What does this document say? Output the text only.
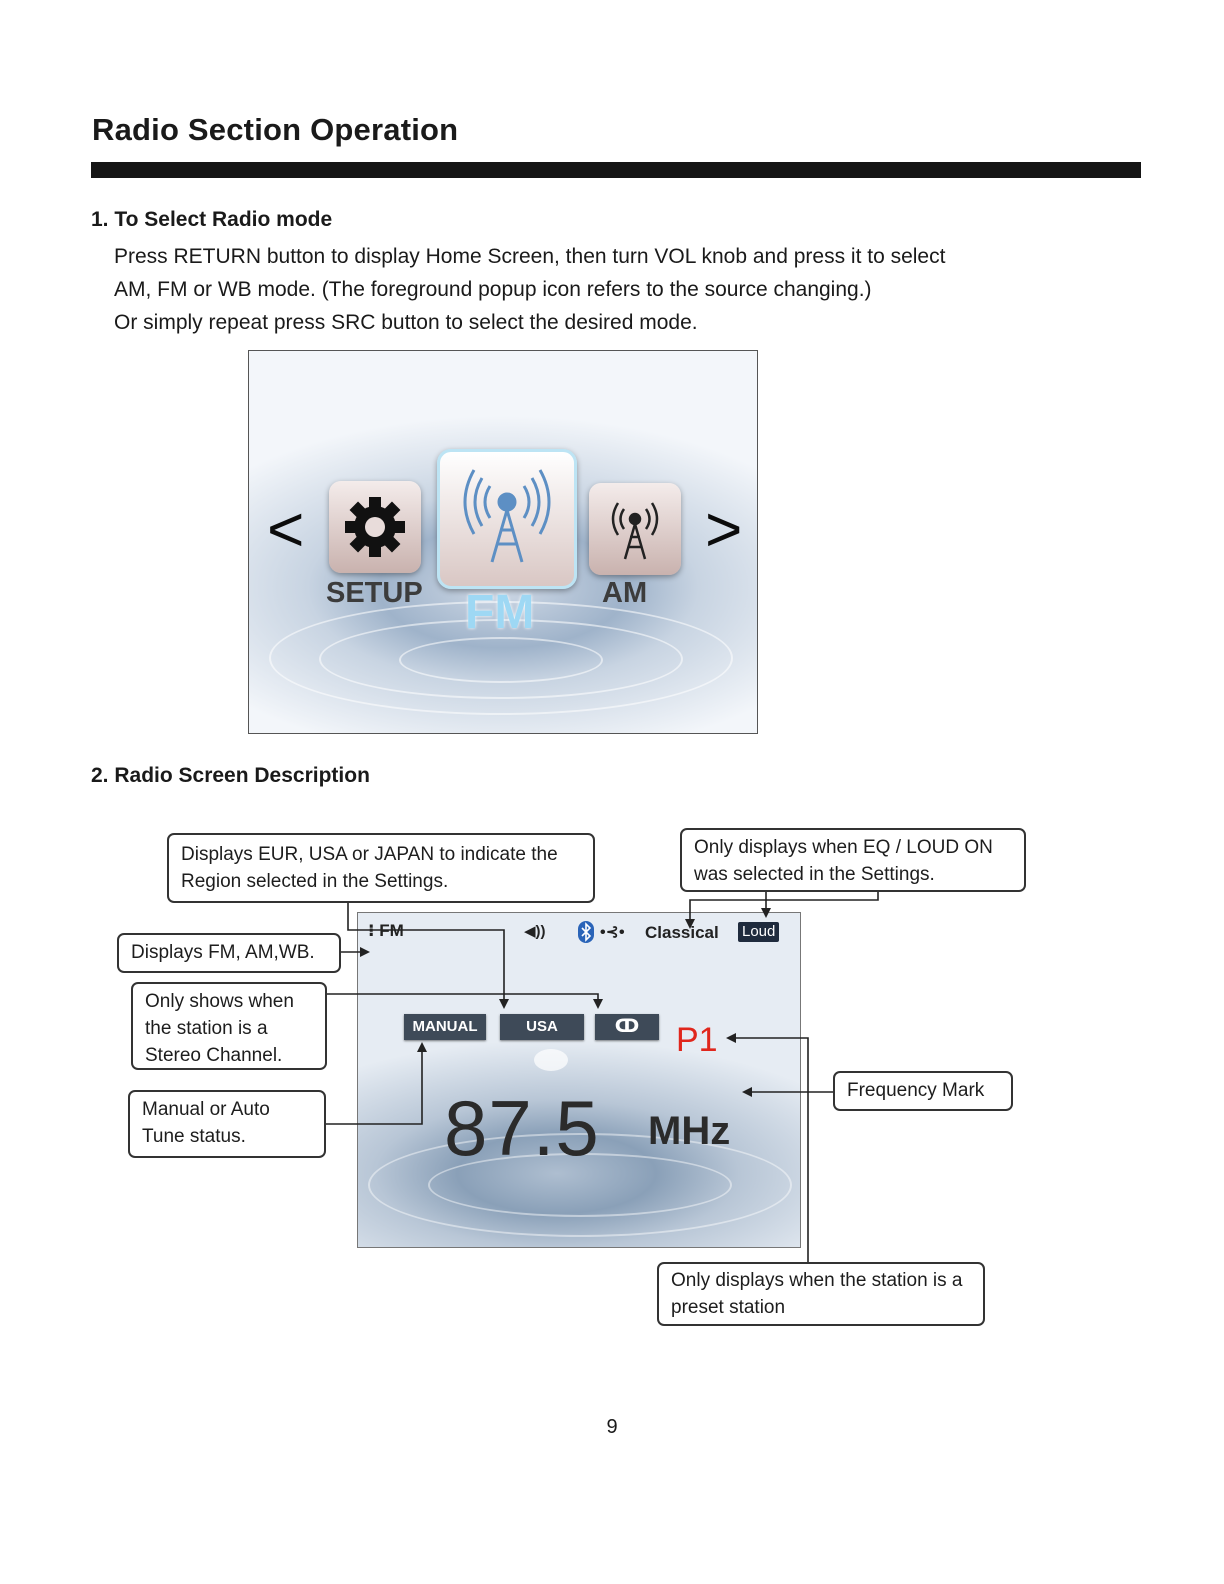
Radio Section Operation
1. To Select Radio mode

Press RETURN button to display Home Screen, then turn VOL knob and press it to select

AM, FM or WB mode. (The foreground popup icon refers to the source changing.)

Or simply repeat press SRC button to select the desired mode.

<	>
SETUP FM AM
2. Radio Screen Description
⁝ FM	◀))	•⊰• Classical Loud
MANUAL	USA	ↀ	P1
87.5 MHz
Displays EUR, USA or JAPAN to indicate the Region selected in the Settings.
Only displays when EQ / LOUD ON was selected in the Settings.
Displays FM, AM,WB.
Only shows when the station is a Stereo Channel.
Manual or Auto Tune status.
Frequency Mark
Only displays when the station is a preset station
9
